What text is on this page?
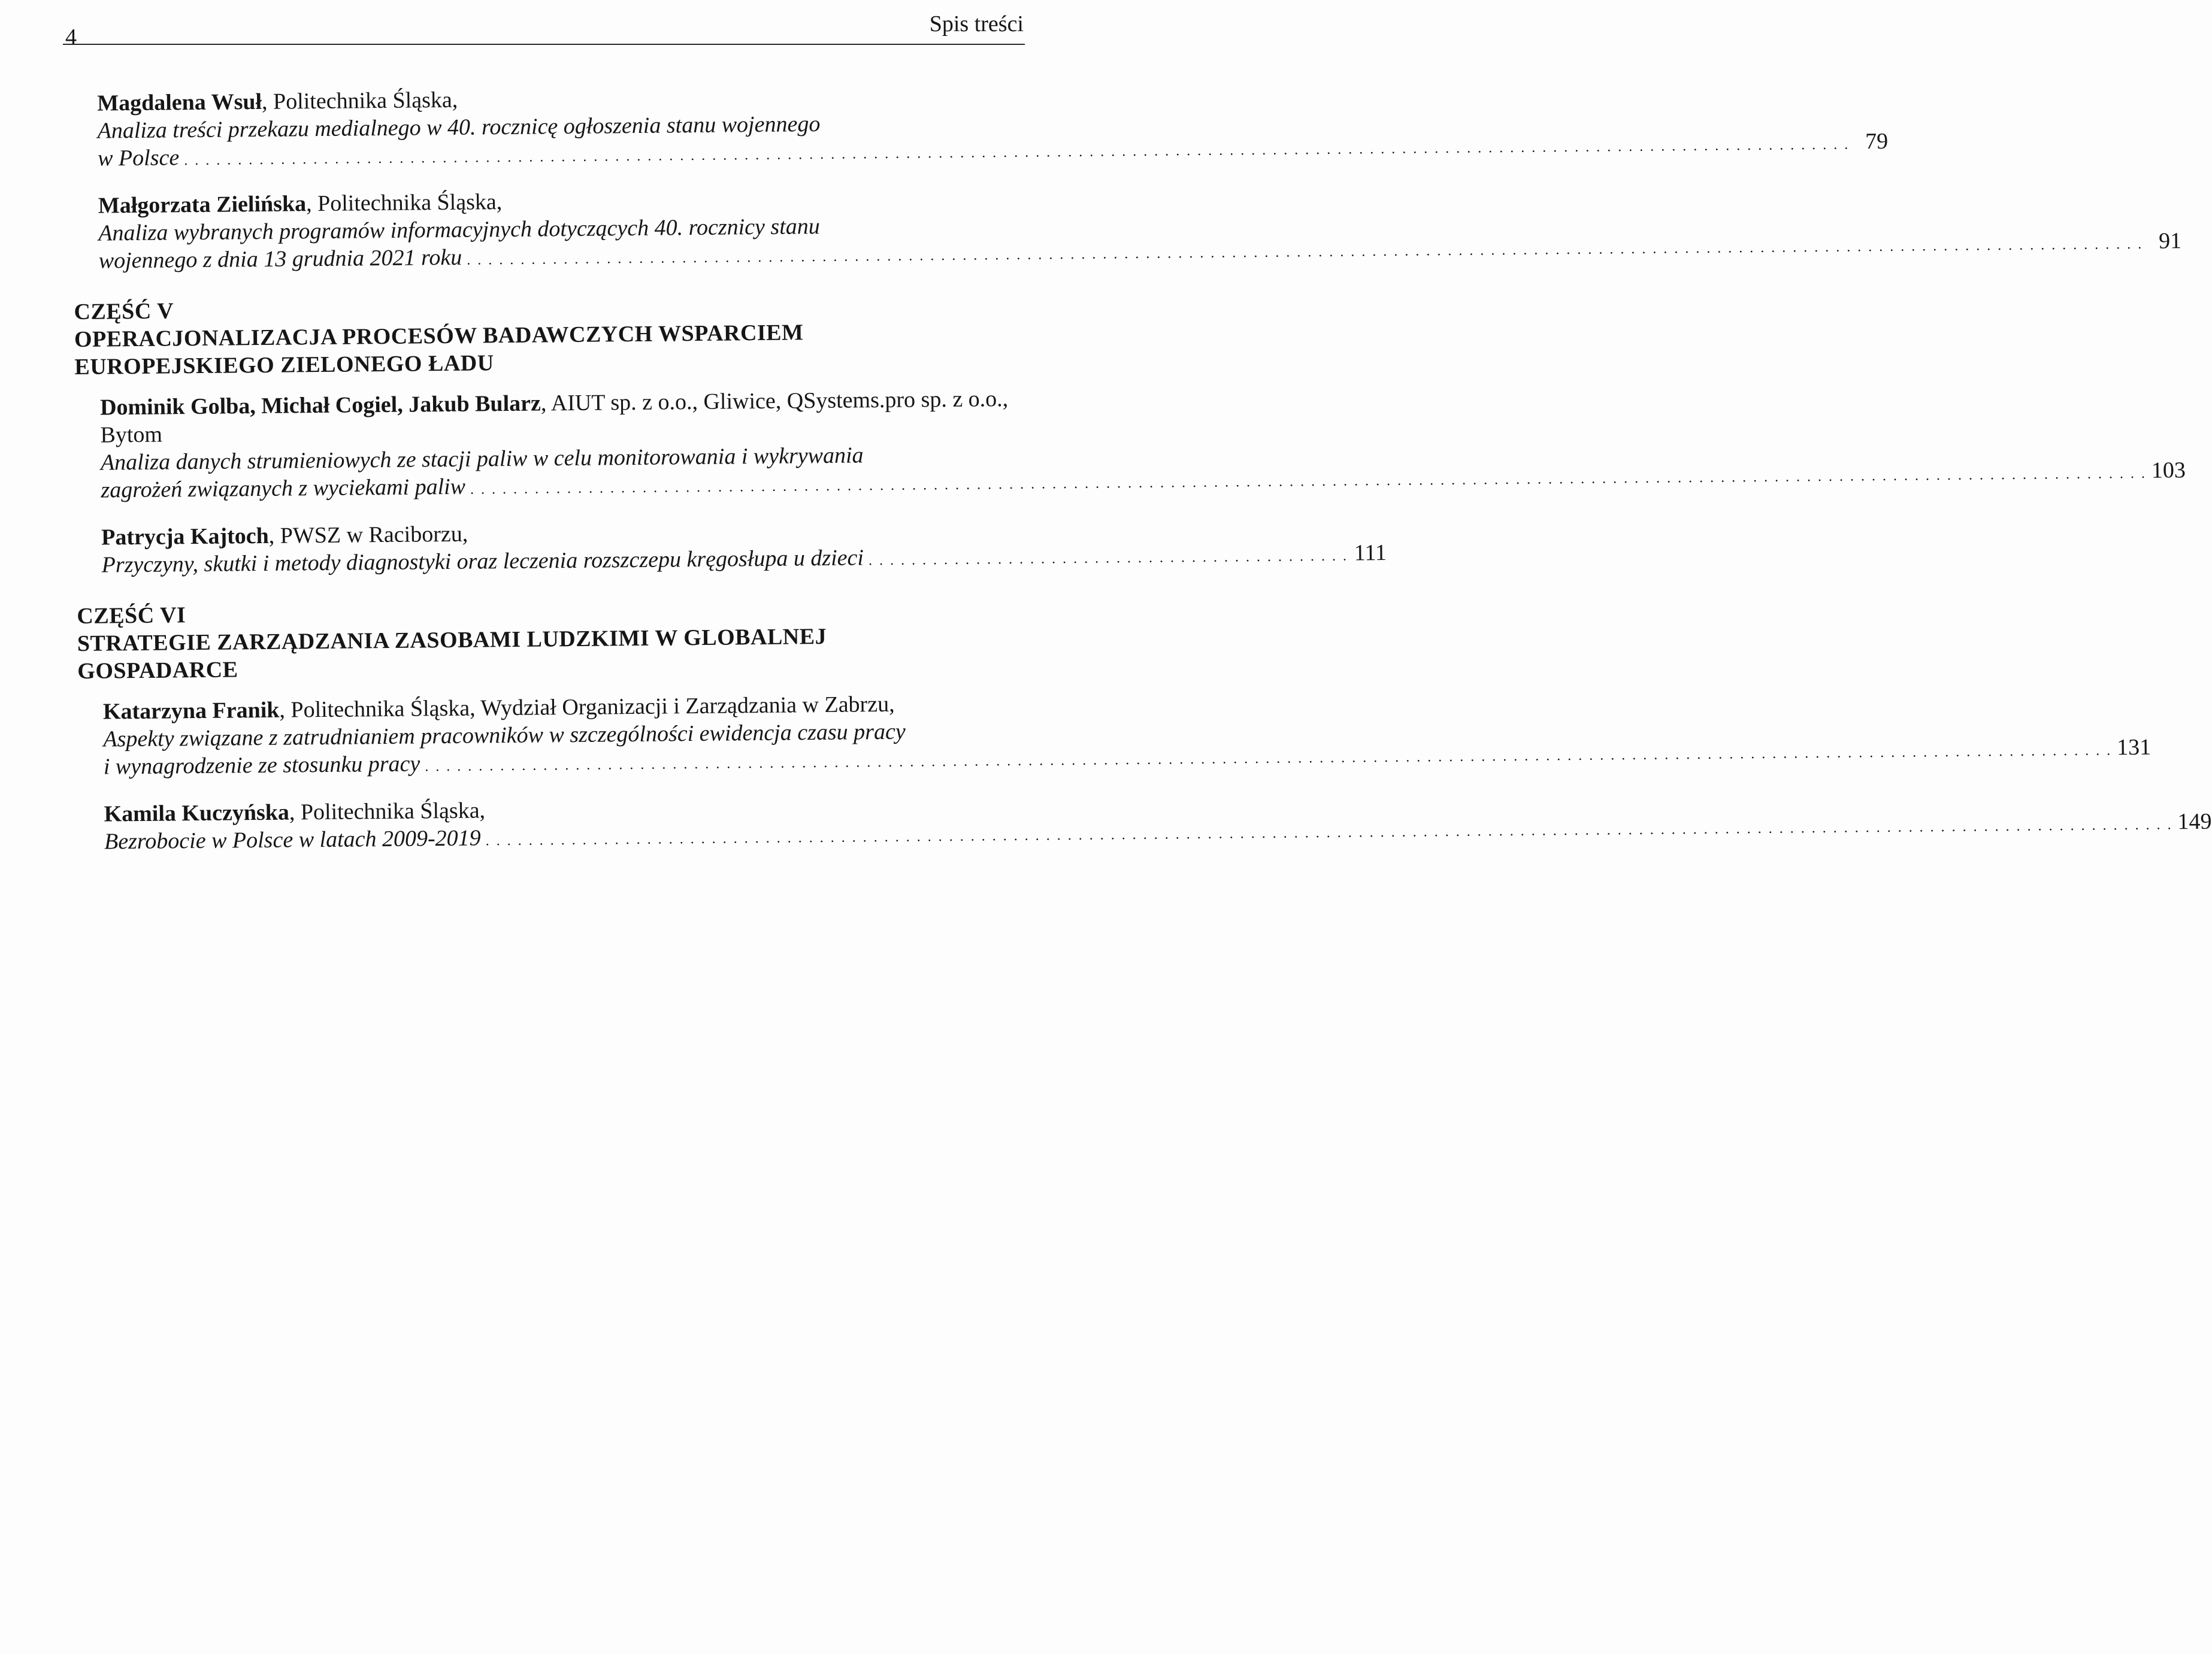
4
Spis treści
Magdalena Wsuł, Politechnika Śląska,
Analiza treści przekazu medialnego w 40. rocznicę ogłoszenia stanu wojennego
w Polsce . . . . . . . . . . . . . . . . . . . . . . . . . . . . . . . . . . . . . . . . . . . . . . . . . . . . . . . . . . . . . . . . . . . . . . . . . . . . . . . . . . . . . . . . . . . . . . . . . . . . . . . . . . . . . . . . . . . . . . . . . . . . . . . . . . . . . . . . . . . . . . . . . . . . . . . . . . . 79
Małgorzata Zielińska, Politechnika Śląska,
Analiza wybranych programów informacyjnych dotyczących 40. rocznicy stanu
wojennego z dnia 13 grudnia 2021 roku . . . . . . . . . . . . . . . . . . . . . . . . . . . . . . . . . . . . . . . . . . . . . . . . . . . . . . . . . . . . . . . . . . . . . . . . . . . . . . . . . . . . . . . . . . . . . . . . . . . . . . . . . . . . . . . . . . . . . . . . . . . . . . . . . . . . . . . . . . . . . . . . . . . . . . . . . . . . 91
CZĘŚĆ V
OPERACJONALIZACJA PROCESÓW BADAWCZYCH WSPARCIEM EUROPEJSKIEGO ZIELONEGO ŁADU
Dominik Golba, Michał Cogiel, Jakub Bularz, AIUT sp. z o.o., Gliwice, QSystems.pro sp. z o.o., Bytom
Analiza danych strumieniowych ze stacji paliw w celu monitorowania i wykrywania
zagrożeń związanych z wyciekami paliw . . . . . . . . . . . . . . . . . . . . . . . . . . . . . . . . . . . . . . . . . . . . . . . . . . . . . . . . . . . . . . . . . . . . . . . . . . . . . . . . . . . . . . . . . . . . . . . . . . . . . . . . . . . . . . . . . . . . . . . . . . . . . . . . . . . . . . . . . . . . . . . . . . . . . . . . . . . . 103
Patrycja Kajtoch, PWSZ w Raciborzu,
Przyczyny, skutki i metody diagnostyki oraz leczenia rozszczepu kręgosłupa u dzieci . . . . . . . . . . . . . . . . . . . . . . . . . . . . . . . . . . . . . . . . . . . . . 111
CZĘŚĆ VI
STRATEGIE ZARZĄDZANIA ZASOBAMI LUDZKIMI W GLOBALNEJ GOSPADARCE
Katarzyna Franik, Politechnika Śląska, Wydział Organizacji i Zarządzania w Zabrzu,
Aspekty związane z zatrudnianiem pracowników w szczególności ewidencja czasu pracy
i wynagrodzenie ze stosunku pracy . . . . . . . . . . . . . . . . . . . . . . . . . . . . . . . . . . . . . . . . . . . . . . . . . . . . . . . . . . . . . . . . . . . . . . . . . . . . . . . . . . . . . . . . . . . . . . . . . . . . . . . . . . . . . . . . . . . . . . . . . . . . . . . . . . . . . . . . . . . . . . . . . . . . . . . . . . . . . 131
Kamila Kuczyńska, Politechnika Śląska,
Bezrobocie w Polsce w latach 2009-2019 . . . . . . . . . . . . . . . . . . . . . . . . . . . . . . . . . . . . . . . . . . . . . . . . . . . . . . . . . . . . . . . . . . . . . . . . . . . . . . . . . . . . . . . . . . . . . . . . . . . . . . . . . . . . . . . . . . . . . . . . . . . . . . . . . . . . . . . . . . . . . . . . . . . . . . . . . . . . . 149
